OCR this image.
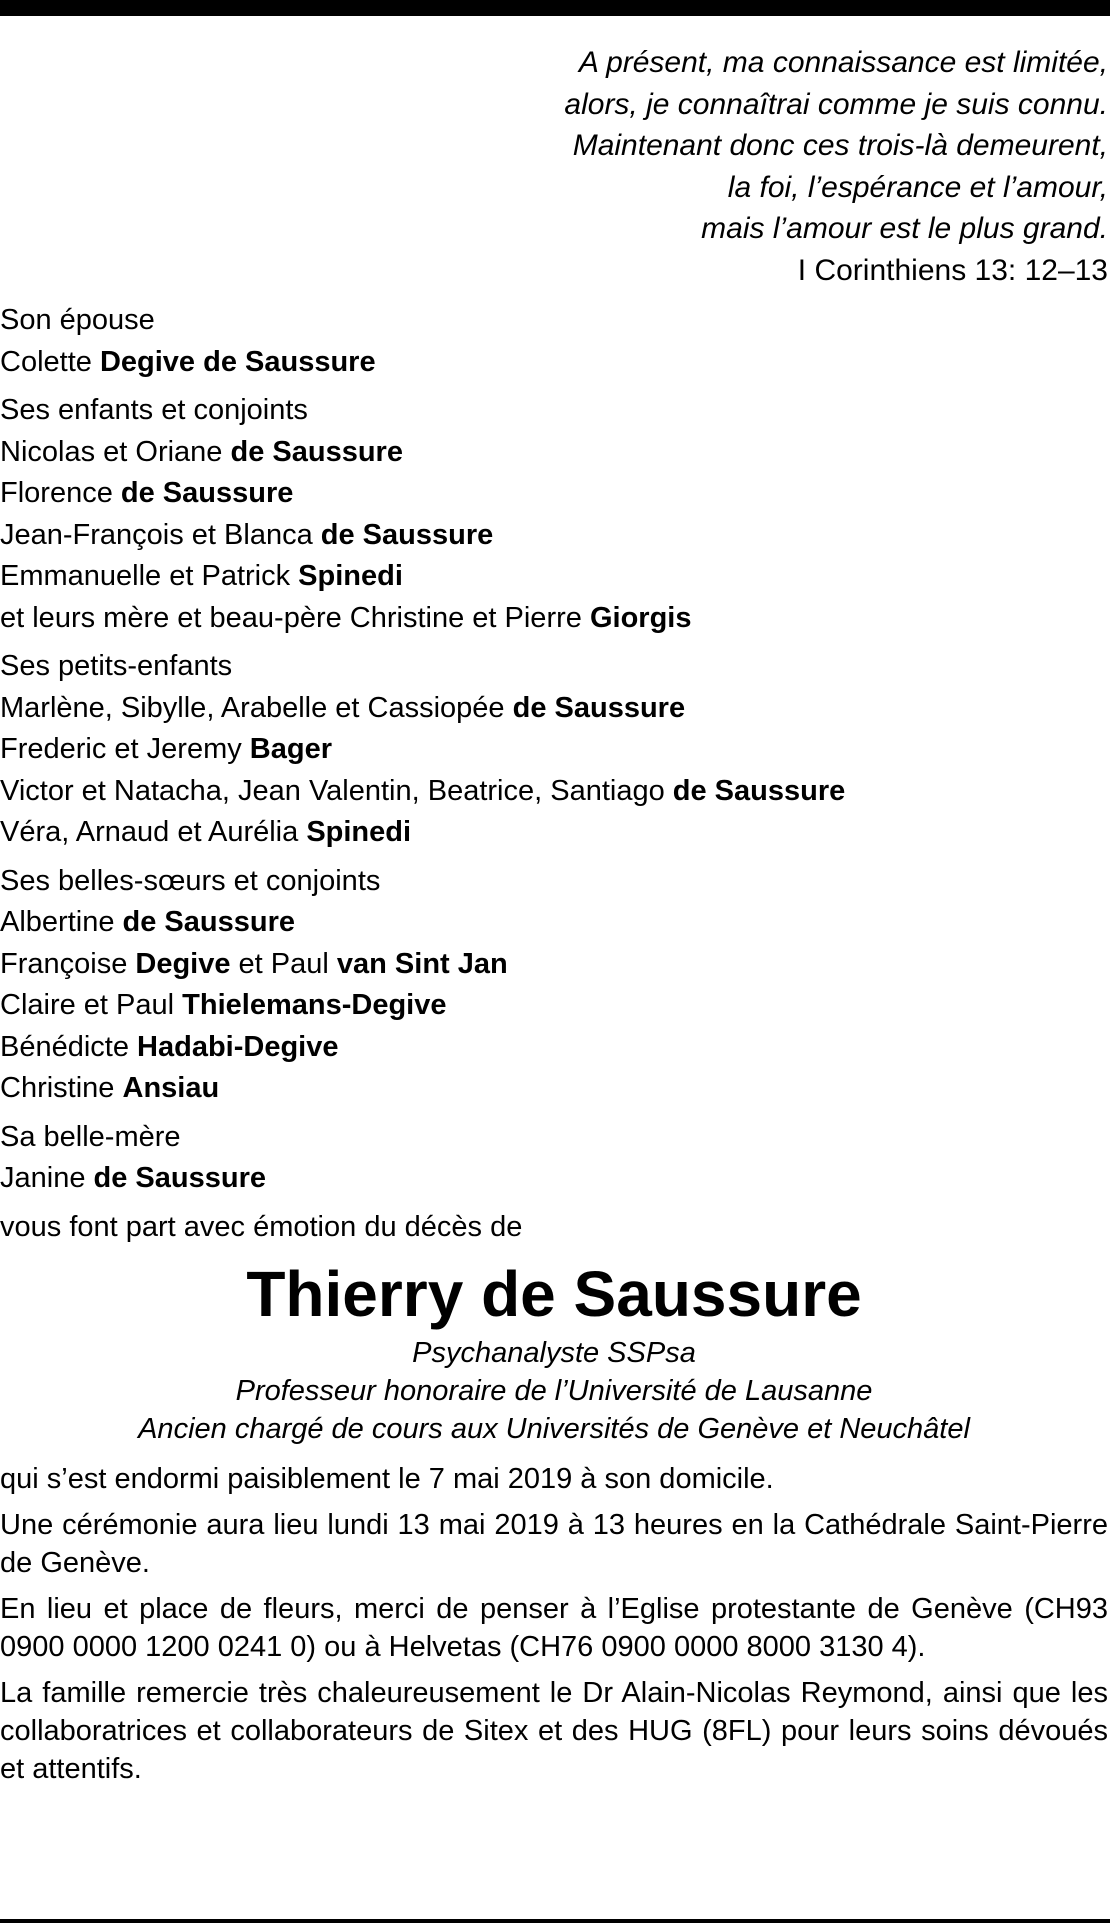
A présent, ma connaissance est limitée,
alors, je connaîtrai comme je suis connu.
Maintenant donc ces trois-là demeurent,
la foi, l’espérance et l’amour,
mais l’amour est le plus grand.
I Corinthiens 13: 12–13
Son épouse
Colette Degive de Saussure
Ses enfants et conjoints
Nicolas et Oriane de Saussure
Florence de Saussure
Jean-François et Blanca de Saussure
Emmanuelle et Patrick Spinedi
et leurs mère et beau-père Christine et Pierre Giorgis
Ses petits-enfants
Marlène, Sibylle, Arabelle et Cassiopée de Saussure
Frederic et Jeremy Bager
Victor et Natacha, Jean Valentin, Beatrice, Santiago de Saussure
Véra, Arnaud et Aurélia Spinedi
Ses belles-sœurs et conjoints
Albertine de Saussure
Françoise Degive et Paul van Sint Jan
Claire et Paul Thielemans-Degive
Bénédicte Hadabi-Degive
Christine Ansiau
Sa belle-mère
Janine de Saussure
vous font part avec émotion du décès de
Thierry de Saussure
Psychanalyste SSPsa
Professeur honoraire de l’Université de Lausanne
Ancien chargé de cours aux Universités de Genève et Neuchâtel
qui s’est endormi paisiblement le 7 mai 2019 à son domicile.
Une cérémonie aura lieu lundi 13 mai 2019 à 13 heures en la Cathédrale Saint-Pierre de Genève.
En lieu et place de fleurs, merci de penser à l’Eglise protestante de Genève (CH93 0900 0000 1200 0241 0) ou à Helvetas (CH76 0900 0000 8000 3130 4).
La famille remercie très chaleureusement le Dr Alain-Nicolas Reymond, ainsi que les collaboratrices et collaborateurs de Sitex et des HUG (8FL) pour leurs soins dévoués et attentifs.
